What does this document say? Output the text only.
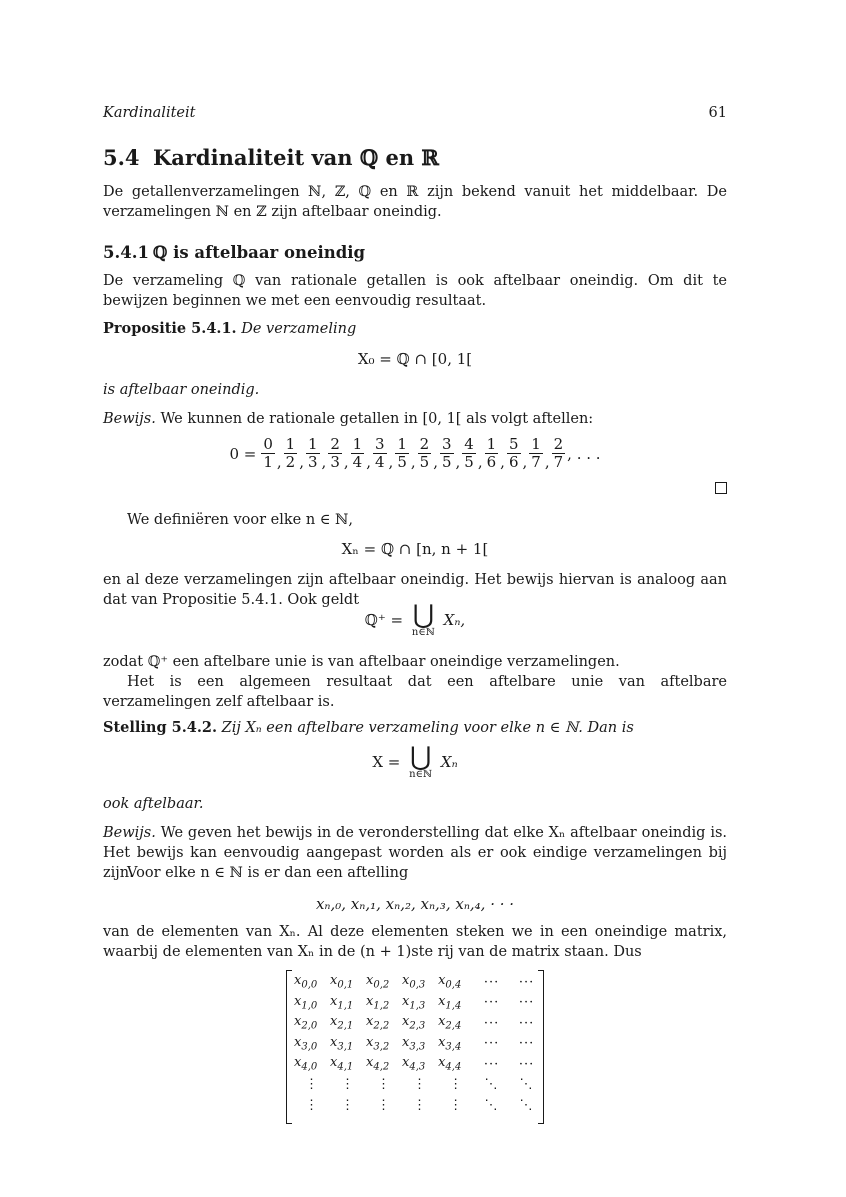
Kardinaliteit	61
5.4 Kardinaliteit van ℚ en ℝ

De getallenverzamelingen ℕ, ℤ, ℚ en ℝ zijn bekend vanuit het middelbaar. De verzamelingen ℕ en ℤ zijn aftelbaar oneindig.

5.4.1 ℚ is aftelbaar oneindig

De verzameling ℚ van rationale getallen is ook aftelbaar oneindig. Om dit te bewijzen beginnen we met een eenvoudig resultaat.

Propositie 5.4.1. De verzameling

X₀ = ℚ ∩ [0, 1[

is aftelbaar oneindig.

Bewijs. We kunnen de rationale getallen in [0, 1[ als volgt aftellen:

$0 = \frac{0}{1}$ , $\frac{1}{2}$ , $\frac{1}{3}$ , $\frac{2}{3}$ , $\frac{1}{4}$ , $\frac{3}{4}$ , $\frac{1}{5}$ , $\frac{2}{5}$ , $\frac{3}{5}$ , $\frac{4}{5}$ , $\frac{1}{6}$ , $\frac{5}{6}$ , $\frac{1}{7}$ , $\frac{2}{7}$ , . . .

We definiëren voor elke n ∈ ℕ,

Xₙ = ℚ ∩ [n, n + 1[

en al deze verzamelingen zijn aftelbaar oneindig. Het bewijs hiervan is analoog aan dat van Propositie 5.4.1. Ook geldt

ℚ⁺ = ⋃
n∈ℕ
Xₙ,

zodat ℚ⁺ een aftelbare unie is van aftelbaar oneindige verzamelingen.

Het is een algemeen resultaat dat een aftelbare unie van aftelbare verzamelingen zelf aftelbaar is.

Stelling 5.4.2. Zij Xₙ een aftelbare verzameling voor elke n ∈ ℕ. Dan is

X = ⋃
n∈ℕ
Xₙ

ook aftelbaar.

Bewijs. We geven het bewijs in de veronderstelling dat elke Xₙ aftelbaar oneindig is. Het bewijs kan eenvoudig aangepast worden als er ook eindige verzamelingen bij zijn.

Voor elke n ∈ ℕ is er dan een aftelling

xₙ,₀, xₙ,₁, xₙ,₂, xₙ,₃, xₙ,₄, · · ·

van de elementen van Xₙ. Al deze elementen steken we in een oneindige matrix, waarbij de elementen van Xₙ in de (n + 1)ste rij van de matrix staan. Dus

$x_{0,0}$	$x_{0,1}$	$x_{0,2}$	$x_{0,3}$	$x_{0,4}$	···	···
$x_{1,0}$	$x_{1,1}$	$x_{1,2}$	$x_{1,3}$	$x_{1,4}$	···	···
$x_{2,0}$	$x_{2,1}$	$x_{2,2}$	$x_{2,3}$	$x_{2,4}$	···	···
$x_{3,0}$	$x_{3,1}$	$x_{3,2}$	$x_{3,3}$	$x_{3,4}$	···	···
$x_{4,0}$	$x_{4,1}$	$x_{4,2}$	$x_{4,3}$	$x_{4,4}$	···	···
⋮	⋮	⋮	⋮	⋮	⋱	⋱
⋮	⋮	⋮	⋮	⋮	⋱	⋱
